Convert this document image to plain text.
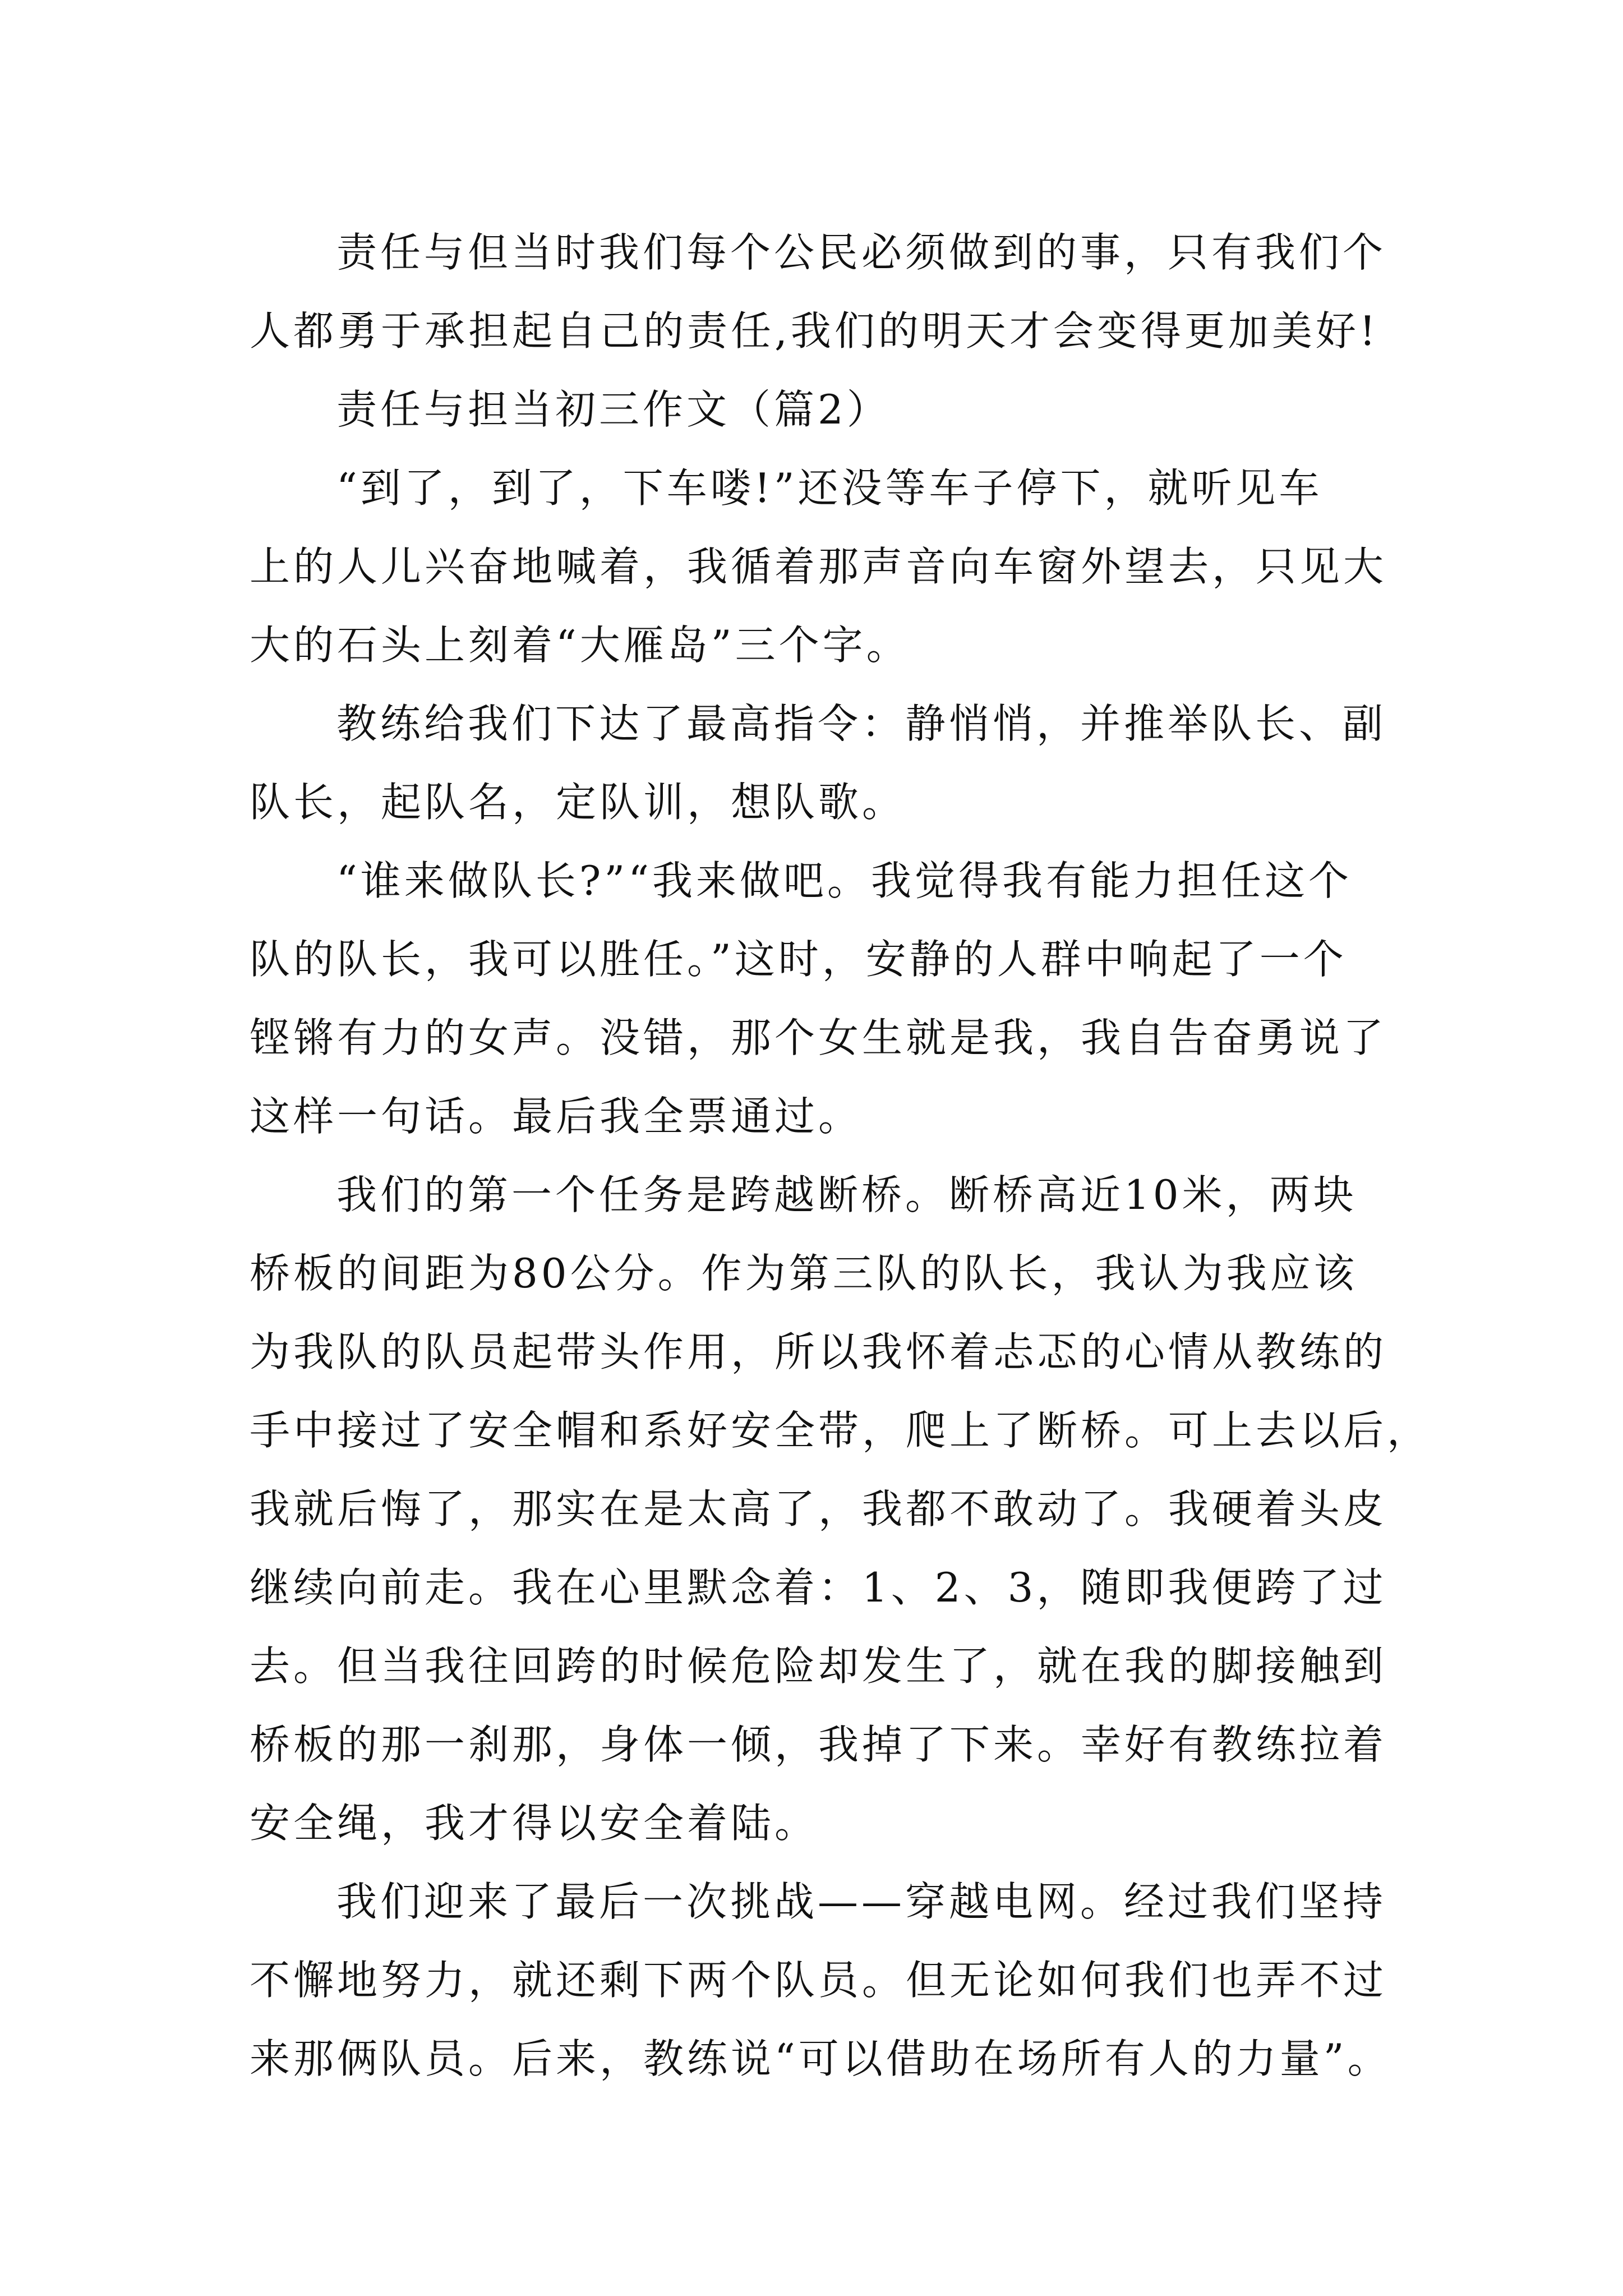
责任与但当时我们每个公民必须做到的事，只有我们个

人都勇于承担起自己的责任,我们的明天才会变得更加美好!

责任与担当初三作文（篇2）

“到了，到了，下车喽!”还没等车子停下，就听见车

上的人儿兴奋地喊着，我循着那声音向车窗外望去，只见大

大的石头上刻着“大雁岛”三个字。

教练给我们下达了最高指令：静悄悄，并推举队长、副

队长，起队名，定队训，想队歌。

“谁来做队长?”“我来做吧。我觉得我有能力担任这个

队的队长，我可以胜任。”这时，安静的人群中响起了一个

铿锵有力的女声。没错，那个女生就是我，我自告奋勇说了

这样一句话。最后我全票通过。

我们的第一个任务是跨越断桥。断桥高近10米，两块

桥板的间距为80公分。作为第三队的队长，我认为我应该

为我队的队员起带头作用，所以我怀着忐忑的心情从教练的

手中接过了安全帽和系好安全带，爬上了断桥。可上去以后，

我就后悔了，那实在是太高了，我都不敢动了。我硬着头皮

继续向前走。我在心里默念着：1、2、3，随即我便跨了过

去。但当我往回跨的时候危险却发生了，就在我的脚接触到

桥板的那一刹那，身体一倾，我掉了下来。幸好有教练拉着

安全绳，我才得以安全着陆。

我们迎来了最后一次挑战——穿越电网。经过我们坚持

不懈地努力，就还剩下两个队员。但无论如何我们也弄不过

来那俩队员。后来，教练说“可以借助在场所有人的力量”。
